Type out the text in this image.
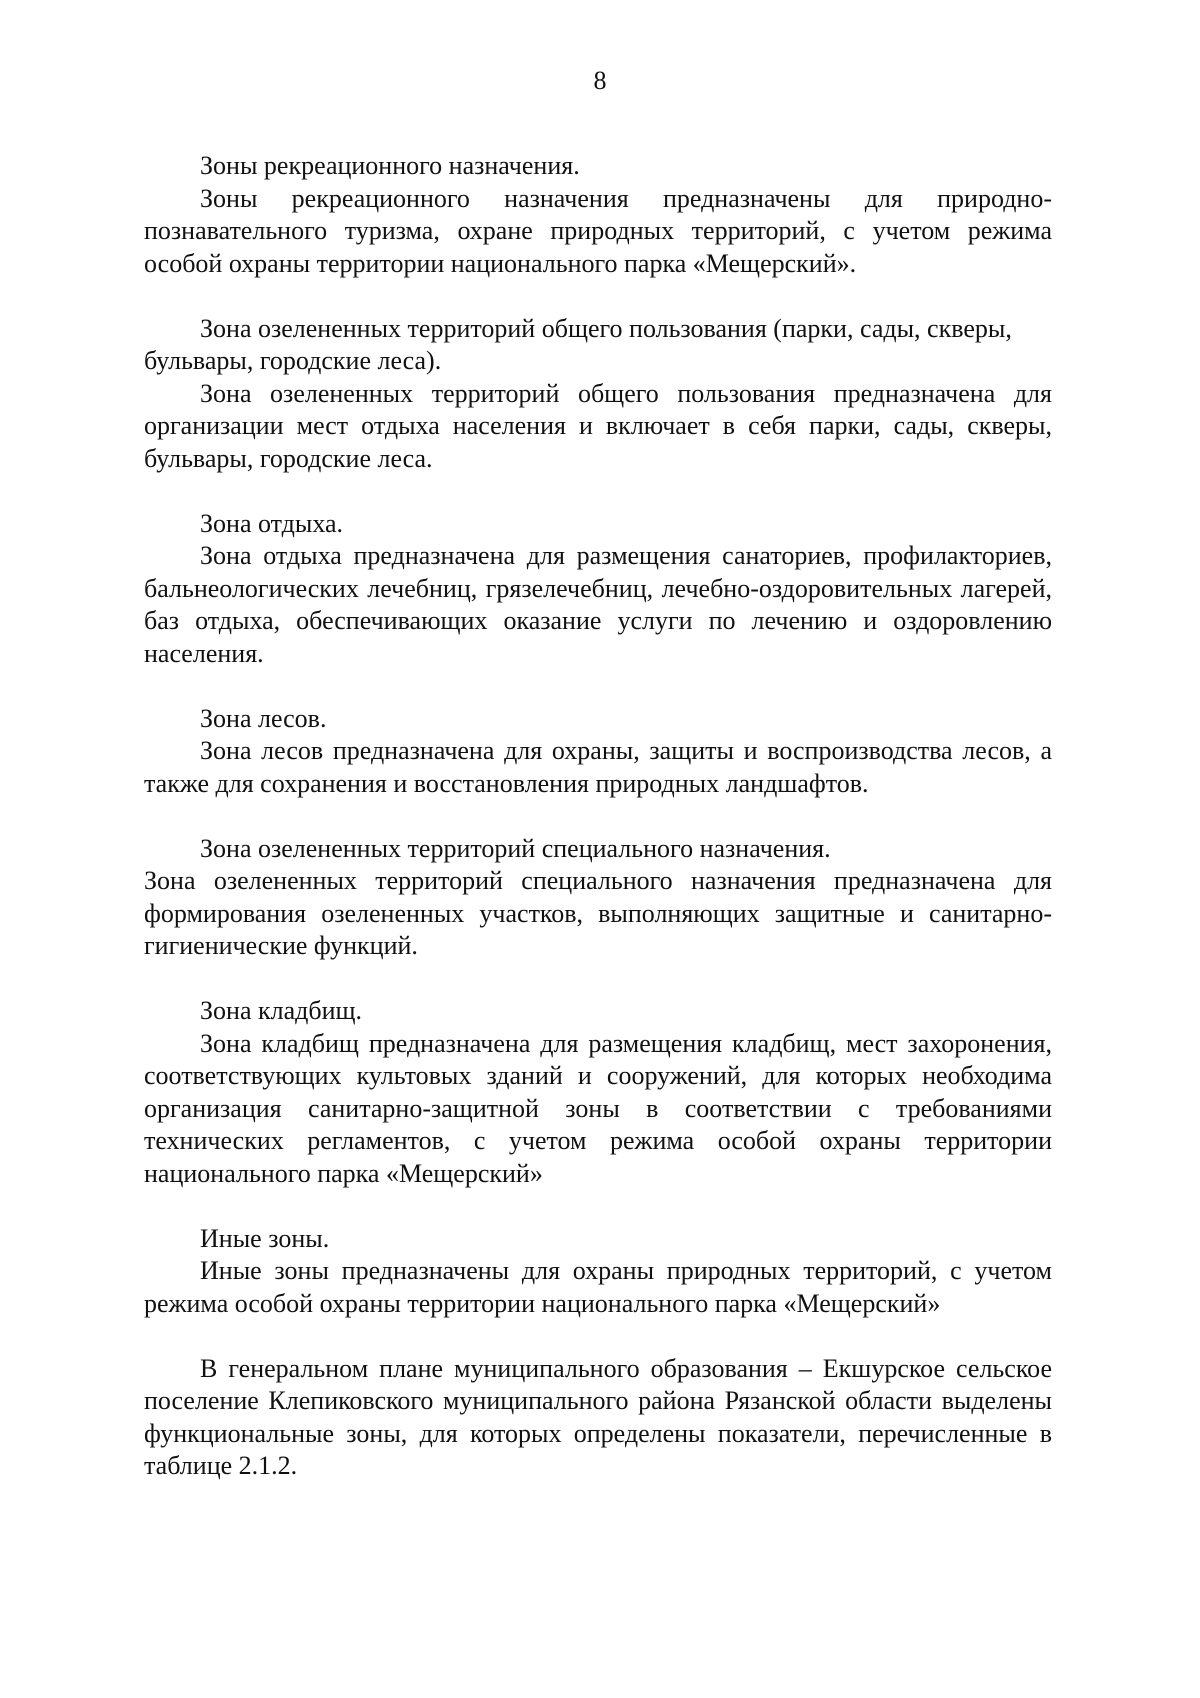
8

Зоны рекреационного назначения.

Зоны рекреационного назначения предназначены для природно-познавательного туризма, охране природных территорий, с учетом режима особой охраны территории национального парка «Мещерский».

Зона озелененных территорий общего пользования (парки, сады, скверы, бульвары, городские леса).

Зона озелененных территорий общего пользования предназначена для организации мест отдыха населения и включает в себя парки, сады, скверы, бульвары, городские леса.

Зона отдыха.

Зона отдыха предназначена для размещения санаториев, профилакториев, бальнеологических лечебниц, грязелечебниц, лечебно-оздоровительных лагерей, баз отдыха, обеспечивающих оказание услуги по лечению и оздоровлению населения.

Зона лесов.

Зона лесов предназначена для охраны, защиты и воспроизводства лесов, а также для сохранения и восстановления природных ландшафтов.

Зона озелененных территорий специального назначения.

Зона озелененных территорий специального назначения предназначена для формирования озелененных участков, выполняющих защитные и санитарно-гигиенические функций.

Зона кладбищ.

Зона кладбищ предназначена для размещения кладбищ, мест захоронения, соответствующих культовых зданий и сооружений, для которых необходима организация санитарно-защитной зоны в соответствии с требованиями технических регламентов, с учетом режима особой охраны территории национального парка «Мещерский»

Иные зоны.

Иные зоны предназначены для охраны природных территорий, с учетом режима особой охраны территории национального парка «Мещерский»

В генеральном плане муниципального образования – Екшурское сельское поселение Клепиковского муниципального района Рязанской области выделены функциональные зоны, для которых определены показатели, перечисленные в таблице 2.1.2.
